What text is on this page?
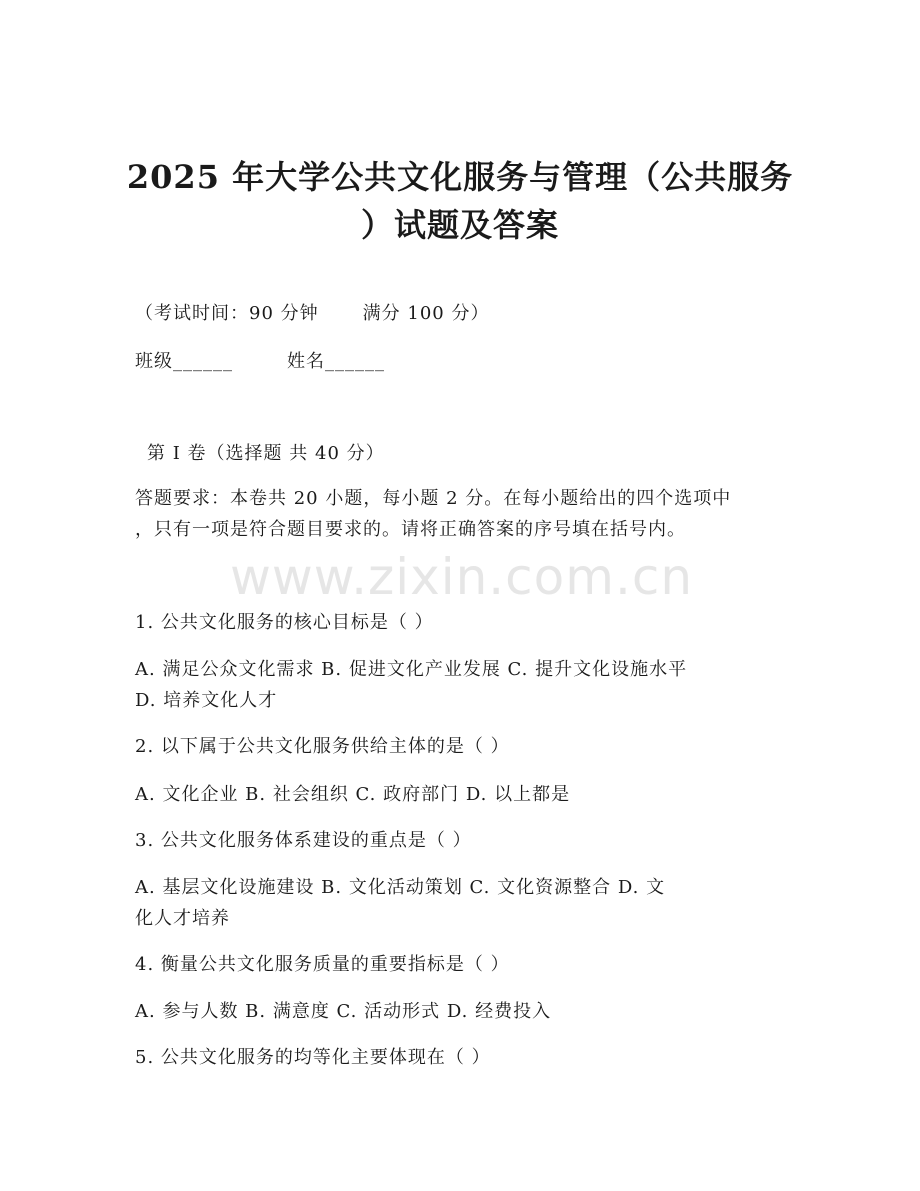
2025 年大学公共文化服务与管理（公共服务
）试题及答案
（考试时间：90 分钟 满分 100 分）
班级______	姓名______
第 I 卷（选择题 共 40 分）
答题要求：本卷共 20 小题，每小题 2 分。在每小题给出的四个选项中
，只有一项是符合题目要求的。请将正确答案的序号填在括号内。
www.zixin.com.cn
1. 公共文化服务的核心目标是（ ）
A. 满足公众文化需求 B. 促进文化产业发展 C. 提升文化设施水平
D. 培养文化人才
2. 以下属于公共文化服务供给主体的是（ ）
A. 文化企业 B. 社会组织 C. 政府部门 D. 以上都是
3. 公共文化服务体系建设的重点是（ ）
A. 基层文化设施建设 B. 文化活动策划 C. 文化资源整合 D. 文
化人才培养
4. 衡量公共文化服务质量的重要指标是（ ）
A. 参与人数 B. 满意度 C. 活动形式 D. 经费投入
5. 公共文化服务的均等化主要体现在（ ）
